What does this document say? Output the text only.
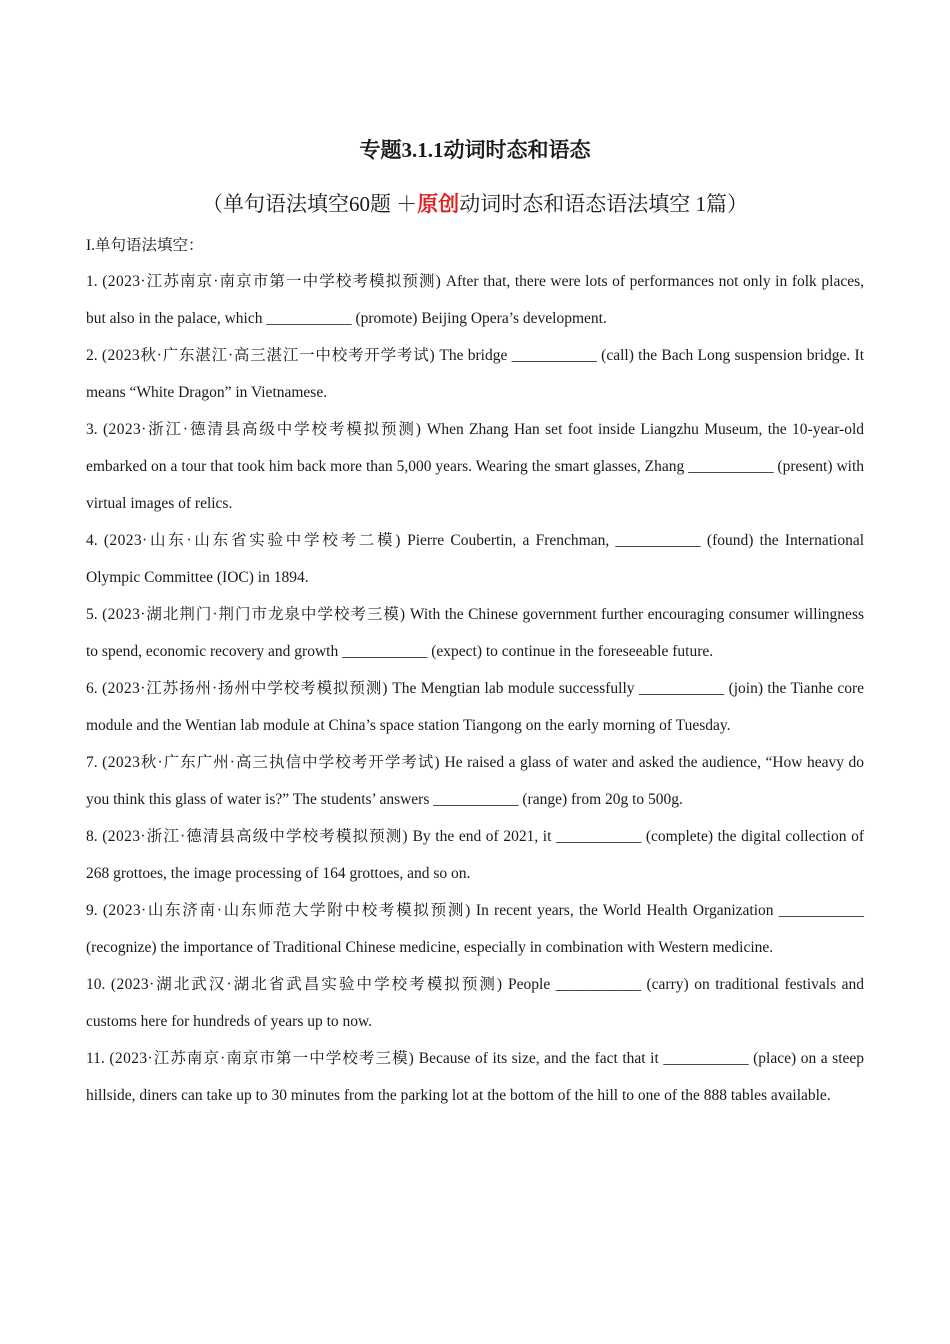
专题3.1.1动词时态和语态

（单句语法填空60题 ＋原创动词时态和语态语法填空 1篇）

I.单句语法填空：

1. (2023·江苏南京·南京市第一中学校考模拟预测) After that, there were lots of performances not only in folk places, but also in the palace, which ___________ (promote) Beijing Opera’s development.

2. (2023秋·广东湛江·高三湛江一中校考开学考试) The bridge ___________ (call) the Bach Long suspension bridge. It means “White Dragon” in Vietnamese.

3. (2023·浙江·德清县高级中学校考模拟预测) When Zhang Han set foot inside Liangzhu Museum, the 10-year-old embarked on a tour that took him back more than 5,000 years. Wearing the smart glasses, Zhang ___________ (present) with virtual images of relics.

4. (2023·山东·山东省实验中学校考二模) Pierre Coubertin, a Frenchman, ___________ (found) the International Olympic Committee (IOC) in 1894.

5. (2023·湖北荆门·荆门市龙泉中学校考三模) With the Chinese government further encouraging consumer willingness to spend, economic recovery and growth ___________ (expect) to continue in the foreseeable future.

6. (2023·江苏扬州·扬州中学校考模拟预测) The Mengtian lab module successfully ___________ (join) the Tianhe core module and the Wentian lab module at China’s space station Tiangong on the early morning of Tuesday.

7. (2023秋·广东广州·高三执信中学校考开学考试) He raised a glass of water and asked the audience, “How heavy do you think this glass of water is?” The students’ answers ___________ (range) from 20g to 500g.

8. (2023·浙江·德清县高级中学校考模拟预测) By the end of 2021, it ___________ (complete) the digital collection of 268 grottoes, the image processing of 164 grottoes, and so on.

9. (2023·山东济南·山东师范大学附中校考模拟预测) In recent years, the World Health Organization ___________ (recognize) the importance of Traditional Chinese medicine, especially in combination with Western medicine.

10. (2023·湖北武汉·湖北省武昌实验中学校考模拟预测) People ___________ (carry) on traditional festivals and customs here for hundreds of years up to now.

11. (2023·江苏南京·南京市第一中学校考三模) Because of its size, and the fact that it ___________ (place) on a steep hillside, diners can take up to 30 minutes from the parking lot at the bottom of the hill to one of the 888 tables available.
